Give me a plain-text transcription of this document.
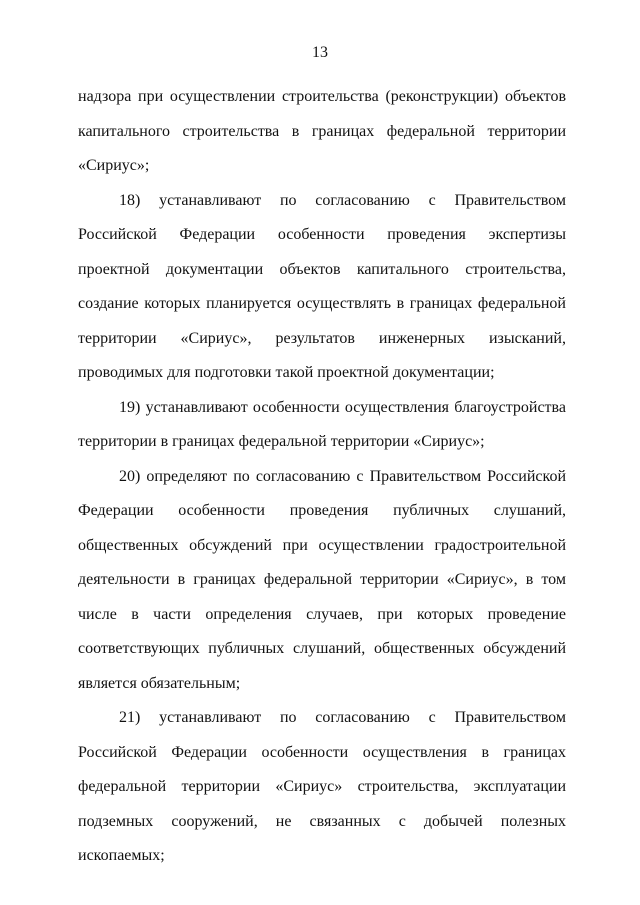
13

надзора при осуществлении строительства (реконструкции) объектов капитального строительства в границах федеральной территории «Сириус»;

18) устанавливают по согласованию с Правительством Российской Федерации особенности проведения экспертизы проектной документации объектов капитального строительства, создание которых планируется осуществлять в границах федеральной территории «Сириус», результатов инженерных изысканий, проводимых для подготовки такой проектной документации;

19) устанавливают особенности осуществления благоустройства территории в границах федеральной территории «Сириус»;

20) определяют по согласованию с Правительством Российской Федерации особенности проведения публичных слушаний, общественных обсуждений при осуществлении градостроительной деятельности в границах федеральной территории «Сириус», в том числе в части определения случаев, при которых проведение соответствующих публичных слушаний, общественных обсуждений является обязательным;

21) устанавливают по согласованию с Правительством Российской Федерации особенности осуществления в границах федеральной территории «Сириус» строительства, эксплуатации подземных сооружений, не связанных с добычей полезных ископаемых;
